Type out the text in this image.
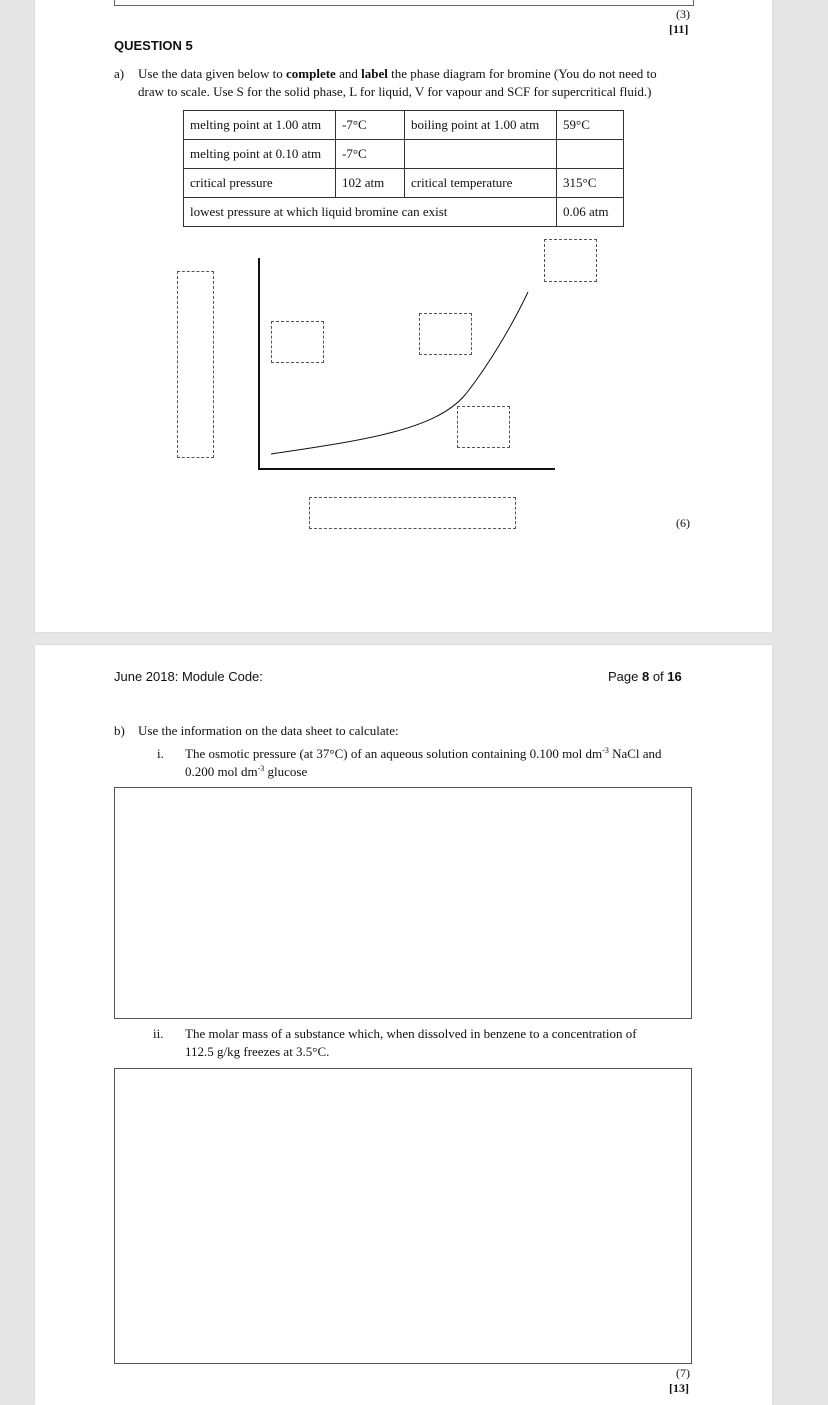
(3)
[11]
QUESTION 5
a) Use the data given below to complete and label the phase diagram for bromine (You do not need to
draw to scale. Use S for the solid phase, L for liquid, V for vapour and SCF for supercritical fluid.)
melting point at 1.00 atm	-7°C	boiling point at 1.00 atm	59°C
melting point at 0.10 atm	-7°C		
critical pressure	102 atm	critical temperature	315°C
lowest pressure at which liquid bromine can exist			0.06 atm
(6)
June 2018: Module Code:	Page 8 of 16
b) Use the information on the data sheet to calculate:
i. The osmotic pressure (at 37°C) of an aqueous solution containing 0.100 mol $dm^{-3}$ NaCl and
0.200 mol $dm^{-3}$ glucose
ii. The molar mass of a substance which, when dissolved in benzene to a concentration of
112.5 g/kg freezes at 3.5°C.
(7)
[13]
